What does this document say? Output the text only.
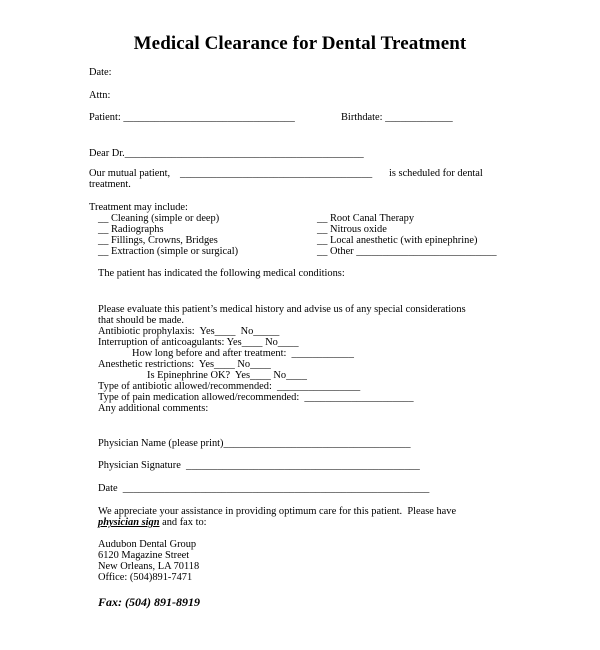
Medical Clearance for Dental Treatment
Date:
Attn:
Patient: _________________________________	Birthdate: _____________
Dear Dr.______________________________________________
Our mutual patient, _____________________________________ is scheduled for dental
treatment.
Treatment may include:
__ Cleaning (simple or deep)
__ Radiographs
__ Fillings, Crowns, Bridges
__ Extraction (simple or surgical)
__ Root Canal Therapy
__ Nitrous oxide
__ Local anesthetic (with epinephrine)
__ Other ___________________________
The patient has indicated the following medical conditions:
Please evaluate this patient’s medical history and advise us of any special considerations
that should be made.
Antibiotic prophylaxis:  Yes____  No_____
Interruption of anticoagulants: Yes____ No____
How long before and after treatment:  ____________
Anesthetic restrictions:  Yes____ No____
Is Epinephrine OK?  Yes____ No____
Type of antibiotic allowed/recommended:  ________________
Type of pain medication allowed/recommended:  _____________________
Any additional comments:
Physician Name (please print)____________________________________
Physician Signature  _____________________________________________
Date  ___________________________________________________________
We appreciate your assistance in providing optimum care for this patient.  Please have
physician sign and fax to:
Audubon Dental Group
6120 Magazine Street
New Orleans, LA 70118
Office: (504)891-7471
Fax: (504) 891-8919
